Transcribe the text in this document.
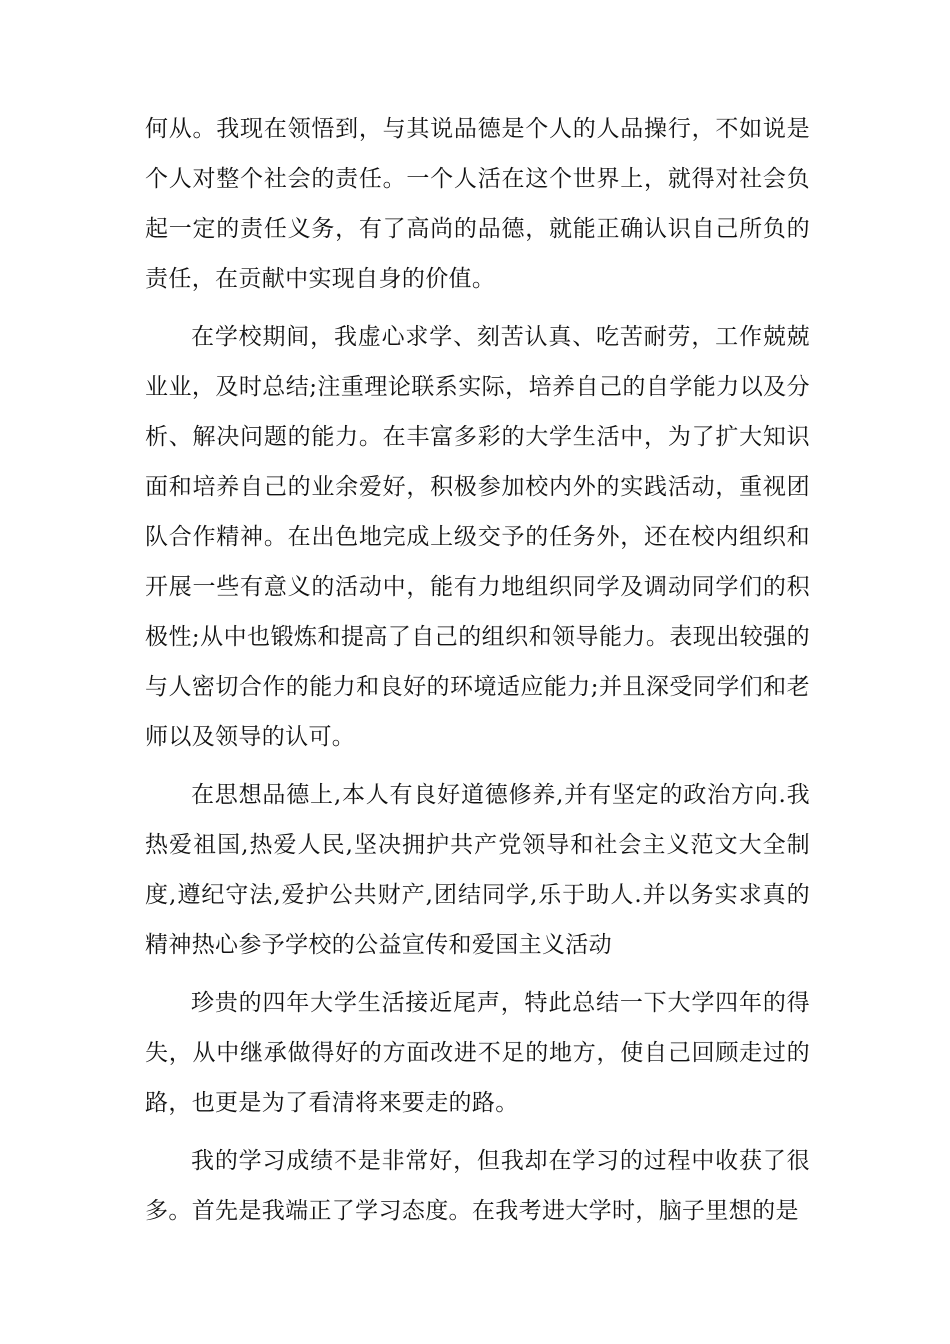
何从。我现在领悟到，与其说品德是个人的人品操行，不如说是个人对整个社会的责任。一个人活在这个世界上，就得对社会负起一定的责任义务，有了高尚的品德，就能正确认识自己所负的责任，在贡献中实现自身的价值。

在学校期间，我虚心求学、刻苦认真、吃苦耐劳，工作兢兢业业，及时总结;注重理论联系实际，培养自己的自学能力以及分析、解决问题的能力。在丰富多彩的大学生活中，为了扩大知识面和培养自己的业余爱好，积极参加校内外的实践活动，重视团队合作精神。在出色地完成上级交予的任务外，还在校内组织和开展一些有意义的活动中，能有力地组织同学及调动同学们的积极性;从中也锻炼和提高了自己的组织和领导能力。表现出较强的与人密切合作的能力和良好的环境适应能力;并且深受同学们和老师以及领导的认可。

在思想品德上,本人有良好道德修养,并有坚定的政治方向.我热爱祖国,热爱人民,坚决拥护共产党领导和社会主义范文大全制度,遵纪守法,爱护公共财产,团结同学,乐于助人.并以务实求真的精神热心参予学校的公益宣传和爱国主义活动

珍贵的四年大学生活接近尾声，特此总结一下大学四年的得失，从中继承做得好的方面改进不足的地方，使自己回顾走过的路，也更是为了看清将来要走的路。

我的学习成绩不是非常好，但我却在学习的过程中收获了很多。首先是我端正了学习态度。在我考进大学时，脑子里想的是
